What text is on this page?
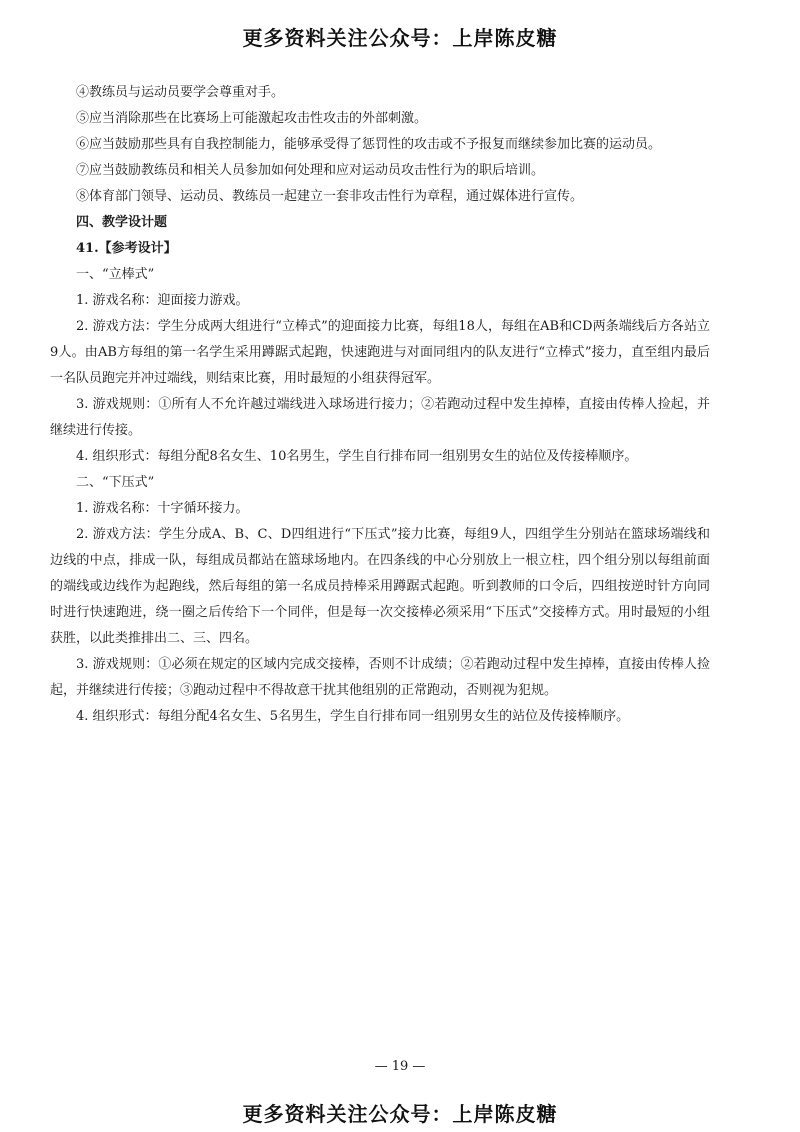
更多资料关注公众号：上岸陈皮糖

④教练员与运动员要学会尊重对手。

⑤应当消除那些在比赛场上可能激起攻击性攻击的外部刺激。

⑥应当鼓励那些具有自我控制能力，能够承受得了惩罚性的攻击或不予报复而继续参加比赛的运动员。

⑦应当鼓励教练员和相关人员参加如何处理和应对运动员攻击性行为的职后培训。

⑧体育部门领导、运动员、教练员一起建立一套非攻击性行为章程，通过媒体进行宣传。

四、教学设计题

41.【参考设计】

一、“立棒式”

1. 游戏名称：迎面接力游戏。

2. 游戏方法：学生分成两大组进行“立棒式”的迎面接力比赛，每组18人，每组在AB和CD两条端线后方各站立9人。由AB方每组的第一名学生采用蹲踞式起跑，快速跑进与对面同组内的队友进行“立棒式”接力，直至组内最后一名队员跑完并冲过端线，则结束比赛，用时最短的小组获得冠军。

3. 游戏规则：①所有人不允许越过端线进入球场进行接力；②若跑动过程中发生掉棒，直接由传棒人捡起，并继续进行传接。

4. 组织形式：每组分配8名女生、10名男生，学生自行排布同一组别男女生的站位及传接棒顺序。

二、“下压式”

1. 游戏名称：十字循环接力。

2. 游戏方法：学生分成A、B、C、D四组进行“下压式”接力比赛，每组9人，四组学生分别站在篮球场端线和边线的中点，排成一队，每组成员都站在篮球场地内。在四条线的中心分别放上一根立柱，四个组分别以每组前面的端线或边线作为起跑线，然后每组的第一名成员持棒采用蹲踞式起跑。听到教师的口令后，四组按逆时针方向同时进行快速跑进，绕一圈之后传给下一个同伴，但是每一次交接棒必须采用“下压式”交接棒方式。用时最短的小组获胜，以此类推排出二、三、四名。

3. 游戏规则：①必须在规定的区域内完成交接棒，否则不计成绩；②若跑动过程中发生掉棒，直接由传棒人捡起，并继续进行传接；③跑动过程中不得故意干扰其他组别的正常跑动，否则视为犯规。

4. 组织形式：每组分配4名女生、5名男生，学生自行排布同一组别男女生的站位及传接棒顺序。

— 19 —
更多资料关注公众号：上岸陈皮糖
